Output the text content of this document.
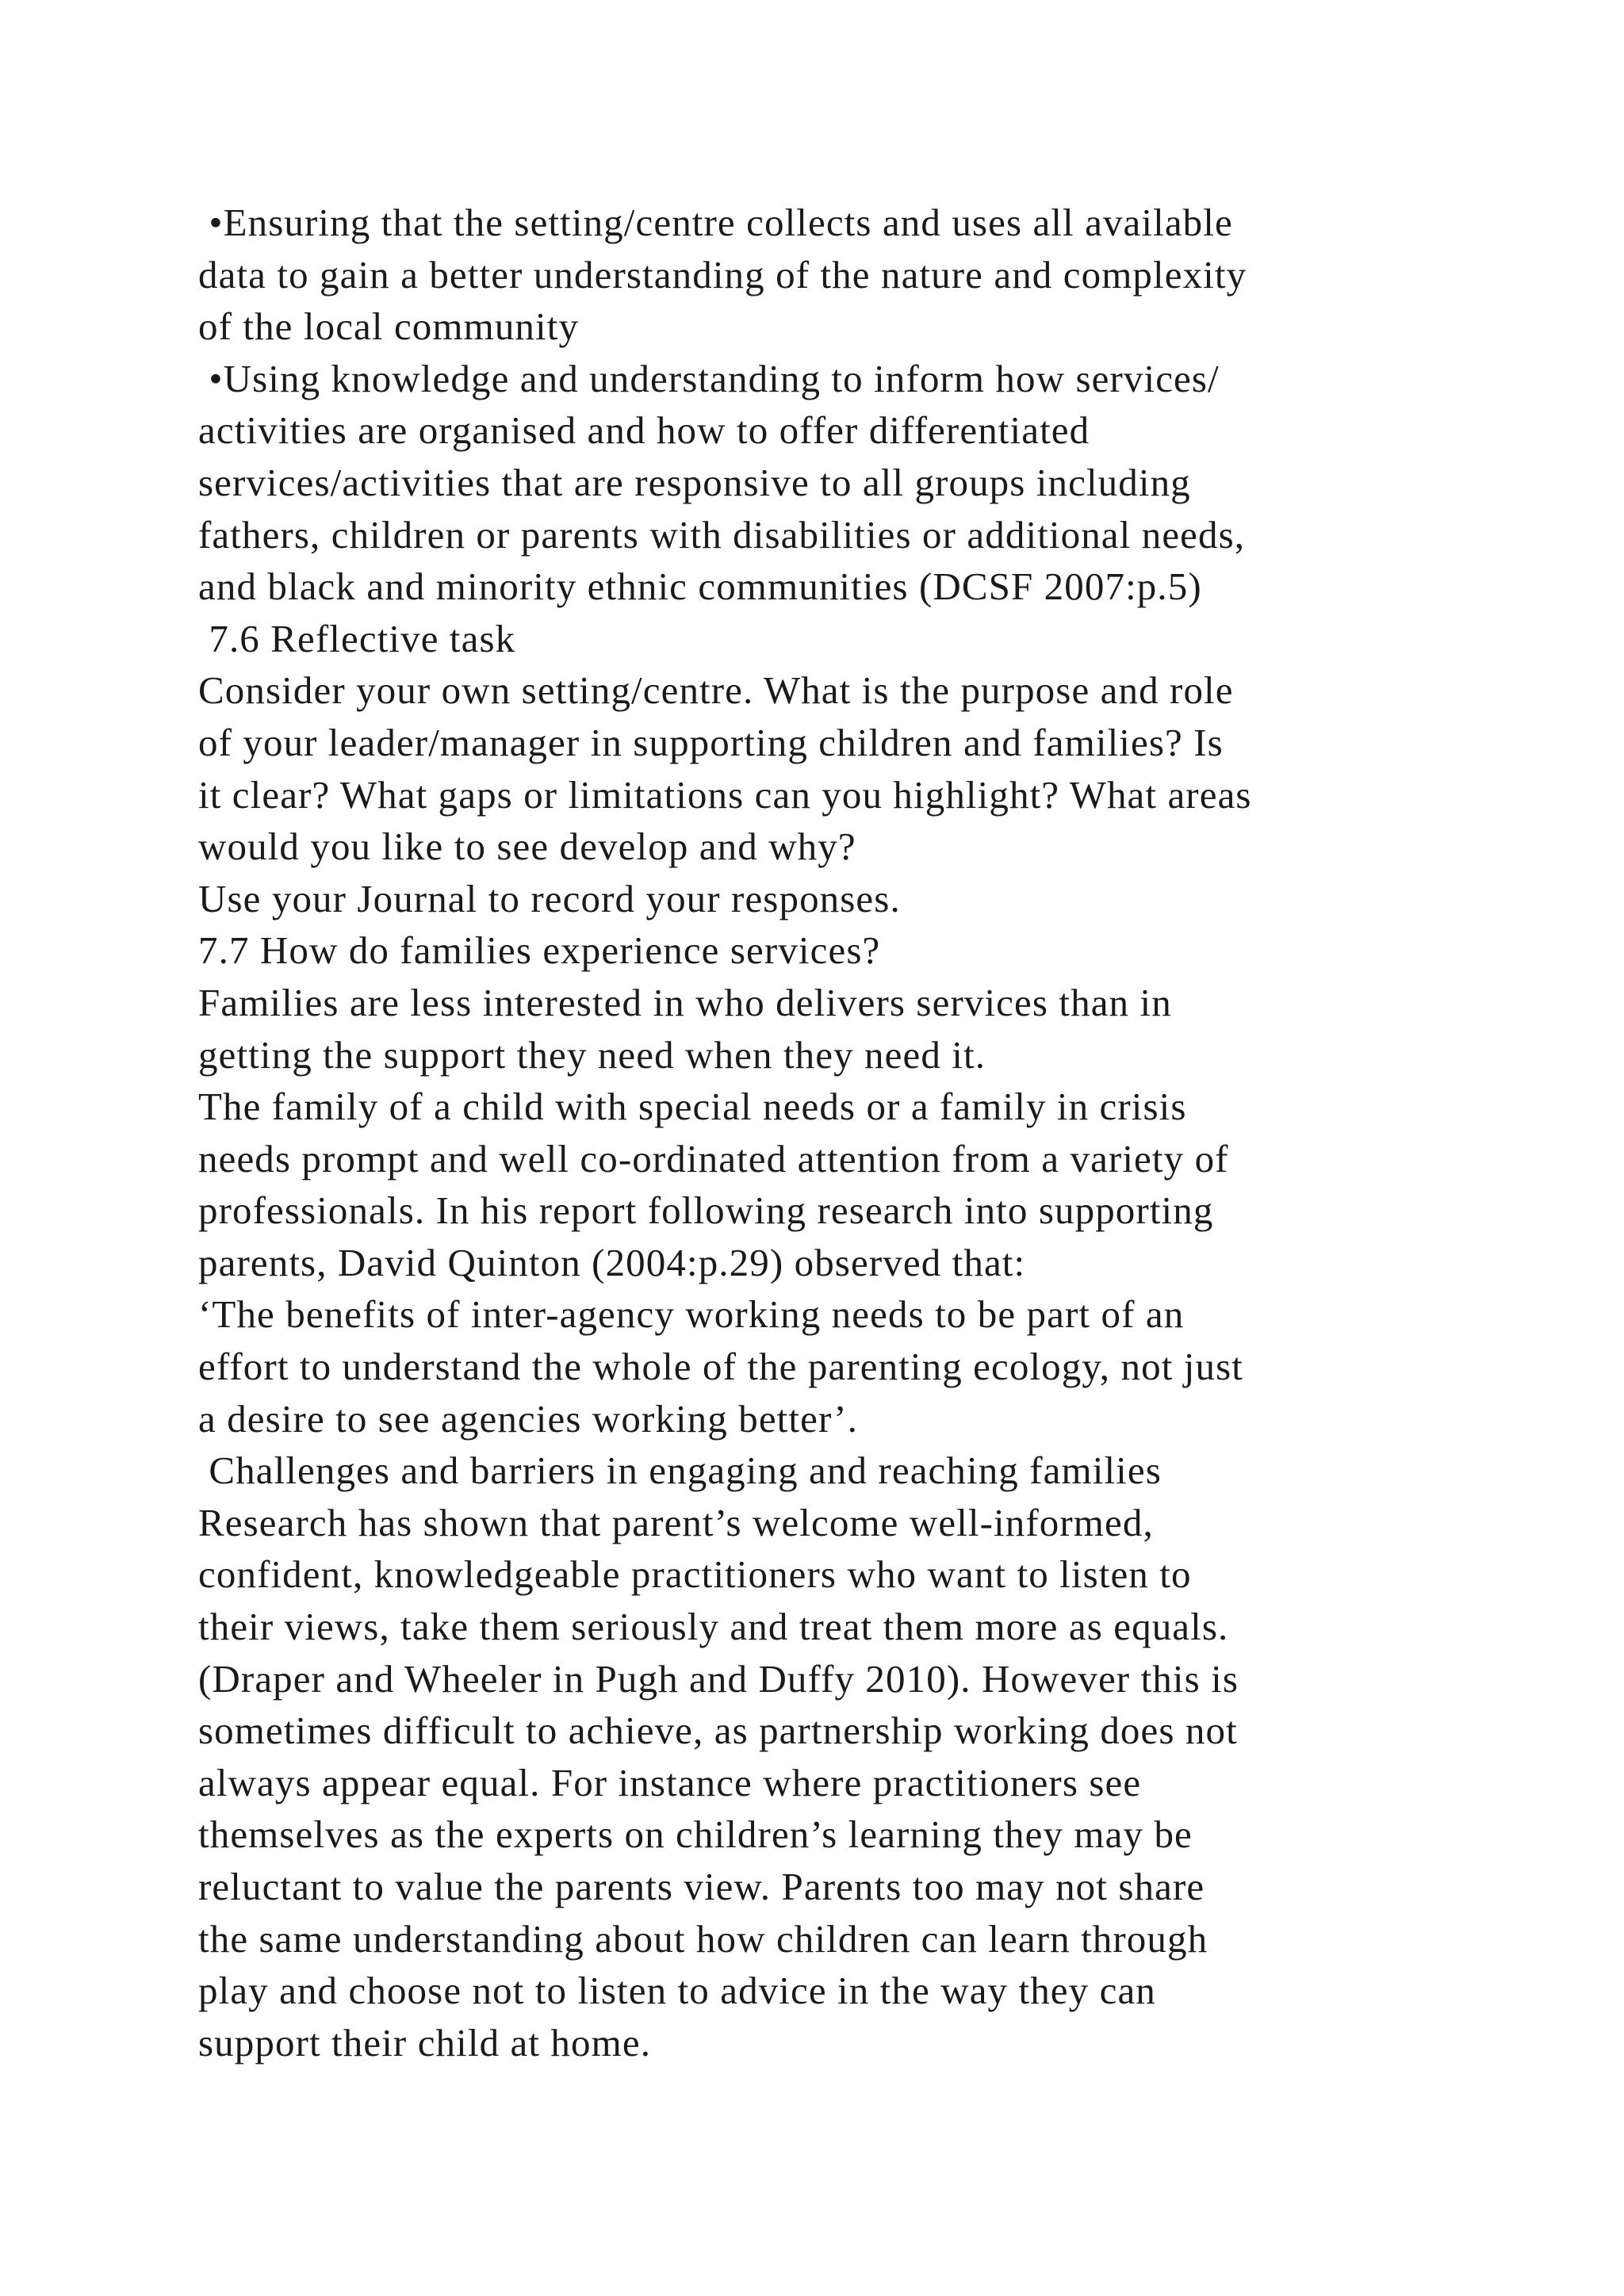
•Ensuring that the setting/centre collects and uses all available
data to gain a better understanding of the nature and complexity
of the local community
•Using knowledge and understanding to inform how services/
activities are organised and how to offer differentiated
services/activities that are responsive to all groups including
fathers, children or parents with disabilities or additional needs,
and black and minority ethnic communities (DCSF 2007:p.5)
7.6 Reflective task
Consider your own setting/centre. What is the purpose and role
of your leader/manager in supporting children and families? Is
it clear? What gaps or limitations can you highlight? What areas
would you like to see develop and why?
Use your Journal to record your responses.
7.7 How do families experience services?
Families are less interested in who delivers services than in
getting the support they need when they need it.
The family of a child with special needs or a family in crisis
needs prompt and well co-ordinated attention from a variety of
professionals. In his report following research into supporting
parents, David Quinton (2004:p.29) observed that:
‘The benefits of inter-agency working needs to be part of an
effort to understand the whole of the parenting ecology, not just
a desire to see agencies working better’.
Challenges and barriers in engaging and reaching families
Research has shown that parent’s welcome well-informed,
confident, knowledgeable practitioners who want to listen to
their views, take them seriously and treat them more as equals.
(Draper and Wheeler in Pugh and Duffy 2010). However this is
sometimes difficult to achieve, as partnership working does not
always appear equal. For instance where practitioners see
themselves as the experts on children’s learning they may be
reluctant to value the parents view. Parents too may not share
the same understanding about how children can learn through
play and choose not to listen to advice in the way they can
support their child at home.
